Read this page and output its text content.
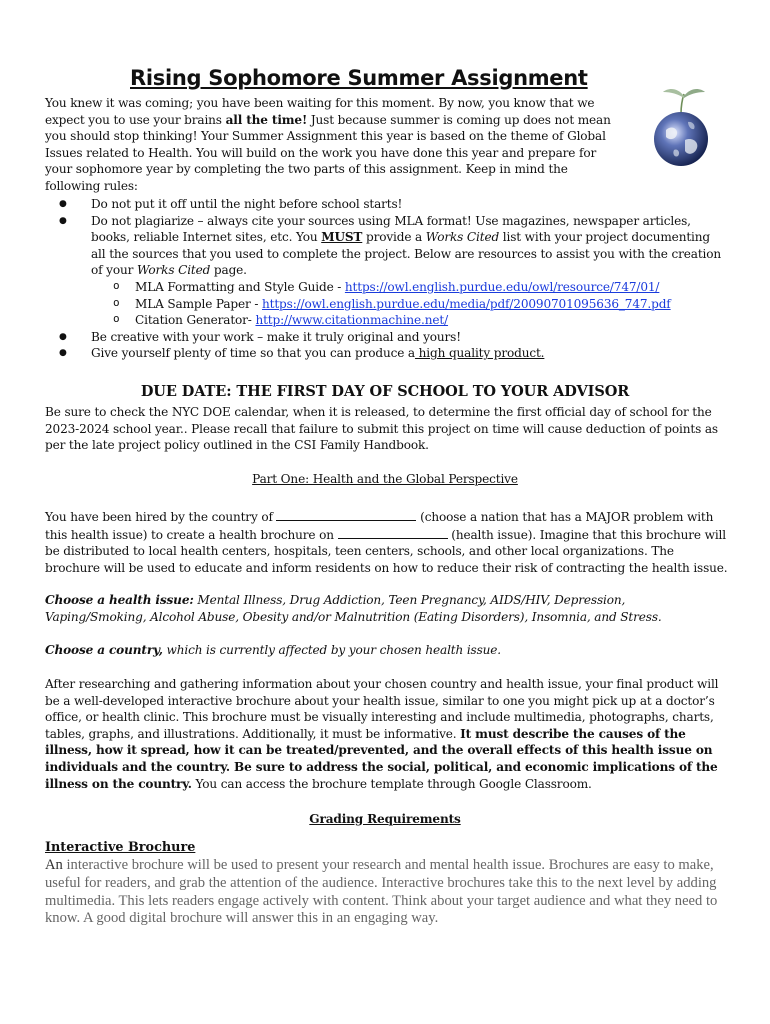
Rising Sophomore Summer Assignment
You knew it was coming; you have been waiting for this moment. By now, you know that we expect you to use your brains all the time! Just because summer is coming up does not mean you should stop thinking! Your Summer Assignment this year is based on the theme of Global Issues related to Health. You will build on the work you have done this year and prepare for your sophomore year by completing the two parts of this assignment. Keep in mind the following rules:
● Do not put it off until the night before school starts!
● Do not plagiarize – always cite your sources using MLA format! Use magazines, newspaper articles, books, reliable Internet sites, etc. You MUST provide a Works Cited list with your project documenting all the sources that you used to complete the project. Below are resources to assist you with the creation of your Works Cited page.
o MLA Formatting and Style Guide - https://owl.english.purdue.edu/owl/resource/747/01/
o MLA Sample Paper - https://owl.english.purdue.edu/media/pdf/20090701095636_747.pdf
o Citation Generator- http://www.citationmachine.net/
● Be creative with your work – make it truly original and yours!
● Give yourself plenty of time so that you can produce a high quality product.
DUE DATE: THE FIRST DAY OF SCHOOL TO YOUR ADVISOR
Be sure to check the NYC DOE calendar, when it is released, to determine the first official day of school for the 2023-2024 school year.. Please recall that failure to submit this project on time will cause deduction of points as per the late project policy outlined in the CSI Family Handbook.
Part One: Health and the Global Perspective
You have been hired by the country of	(choose a nation that has a MAJOR problem with this health issue) to create a health brochure on	(health issue). Imagine that this brochure will be distributed to local health centers, hospitals, teen centers, schools, and other local organizations. The brochure will be used to educate and inform residents on how to reduce their risk of contracting the health issue.
Choose a health issue: Mental Illness, Drug Addiction, Teen Pregnancy, AIDS/HIV, Depression, Vaping/Smoking, Alcohol Abuse, Obesity and/or Malnutrition (Eating Disorders), Insomnia, and Stress.
Choose a country, which is currently affected by your chosen health issue.
After researching and gathering information about your chosen country and health issue, your final product will be a well-developed interactive brochure about your health issue, similar to one you might pick up at a doctor’s office, or health clinic. This brochure must be visually interesting and include multimedia, photographs, charts, tables, graphs, and illustrations. Additionally, it must be informative. It must describe the causes of the illness, how it spread, how it can be treated/prevented, and the overall effects of this health issue on individuals and the country. Be sure to address the social, political, and economic implications of the illness on the country. You can access the brochure template through Google Classroom.
Grading Requirements
Interactive Brochure
An interactive brochure will be used to present your research and mental health issue. Brochures are easy to make, useful for readers, and grab the attention of the audience. Interactive brochures take this to the next level by adding multimedia. This lets readers engage actively with content. Think about your target audience and what they need to know. A good digital brochure will answer this in an engaging way.
